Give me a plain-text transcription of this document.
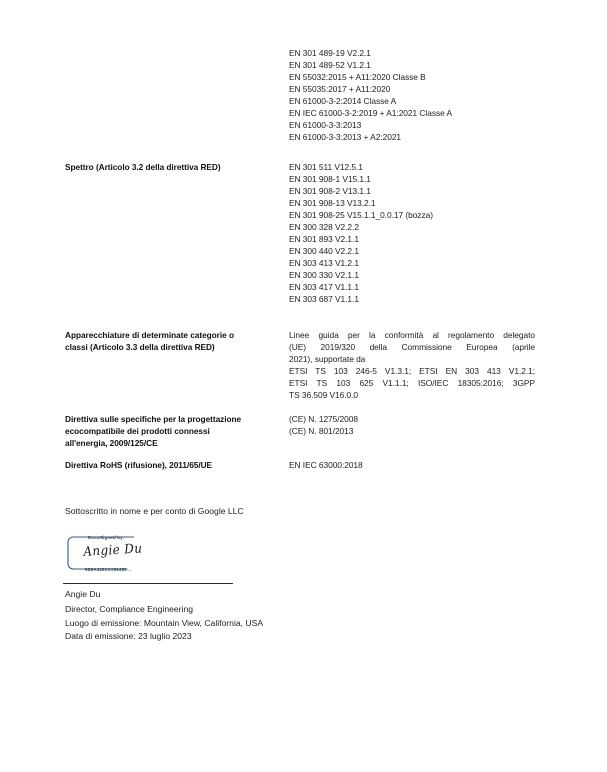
EN 301 489-19 V2.2.1
EN 301 489-52 V1.2.1
EN 55032:2015 + A11:2020 Classe B
EN 55035:2017 + A11:2020
EN 61000-3-2:2014 Classe A
EN IEC 61000-3-2:2019 + A1:2021 Classe A
EN 61000-3-3:2013
EN 61000-3-3:2013 + A2:2021
Spettro (Articolo 3.2 della direttiva RED)	EN 301 511 V12.5.1
EN 301 908-1 V15.1.1
EN 301 908-2 V13.1.1
EN 301 908-13 V13.2.1
EN 301 908-25 V15.1.1_0.0.17 (bozza)
EN 300 328 V2.2.2
EN 301 893 V2.1.1
EN 300 440 V2.2.1
EN 303 413 V1.2.1
EN 300 330 V2.1.1
EN 303 417 V1.1.1
EN 303 687 V1.1.1
Apparecchiature di determinate categorie o
classi (Articolo 3.3 della direttiva RED)
Linee guida per la conformità al regolamento delegato
(UE) 2019/320 della Commissione Europea (aprile
2021), supportate da
ETSI TS 103 246-5 V1.3.1; ETSI EN 303 413 V1.2.1;
ETSI TS 103 625 V1.1.1; ISO/IEC 18305:2016; 3GPP
TS 36.509 V16.0.0
Direttiva sulle specifiche per la progettazione
ecocompatibile dei prodotti connessi
all'energia, 2009/125/CE
(CE) N. 1275/2008
(CE) N. 801/2013
Direttiva RoHS (rifusione), 2011/65/UE	EN IEC 63000:2018
Sottoscritto in nome e per conto di Google LLC
DocuSigned by:
Angie Du
9B9A308CC0524BF...
Angie Du
Director, Compliance Engineering
Luogo di emissione: Mountain View, California, USA
Data di emissione: 23 luglio 2023
